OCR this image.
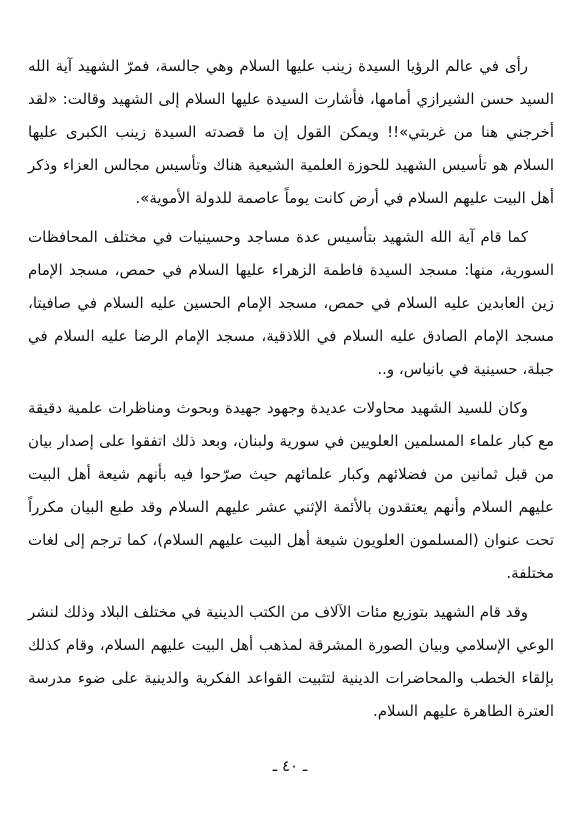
رأى في عالم الرؤيا السيدة زينب عليها السلام وهي جالسة، فمرّ الشهيد آية الله السيد حسن الشيرازي أمامها، فأشارت السيدة عليها السلام إلى الشهيد وقالت: «لقد أخرجني هنا من غربتي»!! ويمكن القول إن ما قصدته السيدة زينب الكبرى عليها السلام هو تأسيس الشهيد للحوزة العلمية الشيعية هناك وتأسيس مجالس العزاء وذكر أهل البيت عليهم السلام في أرض كانت يوماً عاصمة للدولة الأموية».

كما قام آية الله الشهيد بتأسيس عدة مساجد وحسينيات في مختلف المحافظات السورية، منها: مسجد السيدة فاطمة الزهراء عليها السلام في حمص، مسجد الإمام زين العابدين عليه السلام في حمص، مسجد الإمام الحسين عليه السلام في صافيتا، مسجد الإمام الصادق عليه السلام في اللاذقية، مسجد الإمام الرضا عليه السلام في جبلة، حسينية في بانياس، و..

وكان للسيد الشهيد محاولات عديدة وجهود جهيدة وبحوث ومناظرات علمية دقيقة مع كبار علماء المسلمين العلويين في سورية ولبنان، وبعد ذلك اتفقوا على إصدار بيان من قبل ثمانين من فضلائهم وكبار علمائهم حيث صرّحوا فيه بأنهم شيعة أهل البيت عليهم السلام وأنهم يعتقدون بالأئمة الإثني عشر عليهم السلام وقد طبع البيان مكرراً تحت عنوان (المسلمون العلويون شيعة أهل البيت عليهم السلام)، كما ترجم إلى لغات مختلفة.

وقد قام الشهيد بتوزيع مئات الآلاف من الكتب الدينية في مختلف البلاد وذلك لنشر الوعي الإسلامي وبيان الصورة المشرقة لمذهب أهل البيت عليهم السلام، وقام كذلك بإلقاء الخطب والمحاضرات الدينية لتثبيت القواعد الفكرية والدينية على ضوء مدرسة العترة الطاهرة عليهم السلام.

ـ ٤٠ ـ
